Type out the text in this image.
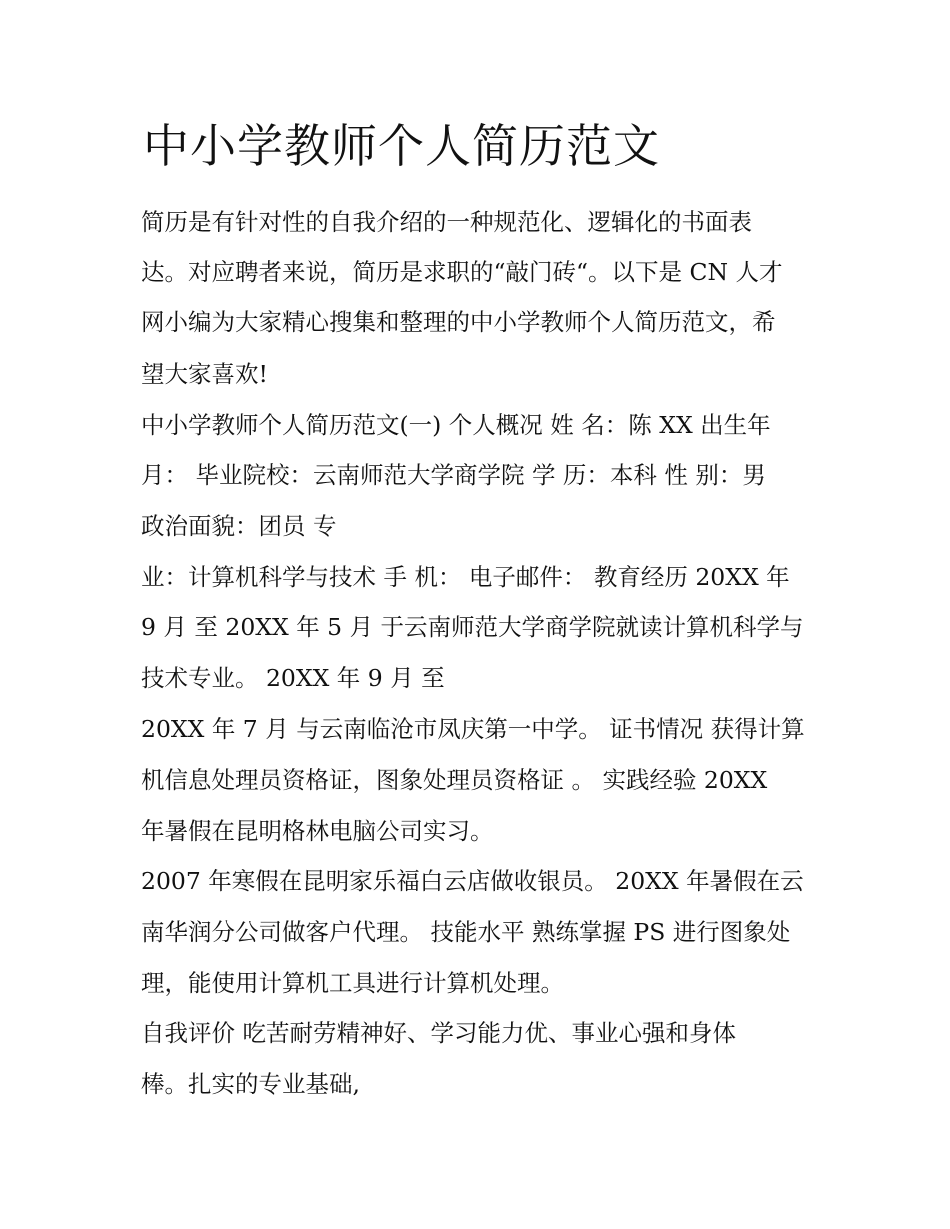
中小学教师个人简历范文
简历是有针对性的自我介绍的一种规范化、逻辑化的书面表
达。对应聘者来说，简历是求职的“敲门砖“。以下是 CN 人才
网小编为大家精心搜集和整理的中小学教师个人简历范文，希
望大家喜欢!
中小学教师个人简历范文(一) 个人概况 姓 名：陈 XX 出生年
月： 毕业院校：云南师范大学商学院 学 历：本科 性 别：男
政治面貌：团员 专
业：计算机科学与技术 手 机： 电子邮件： 教育经历 20XX 年
9 月 至 20XX 年 5 月 于云南师范大学商学院就读计算机科学与
技术专业。 20XX 年 9 月 至
20XX 年 7 月 与云南临沧市凤庆第一中学。 证书情况 获得计算
机信息处理员资格证，图象处理员资格证 。 实践经验 20XX
年暑假在昆明格林电脑公司实习。
2007 年寒假在昆明家乐福白云店做收银员。 20XX 年暑假在云
南华润分公司做客户代理。 技能水平 熟练掌握 PS 进行图象处
理，能使用计算机工具进行计算机处理。
自我评价 吃苦耐劳精神好、学习能力优、事业心强和身体
棒。扎实的专业基础,
